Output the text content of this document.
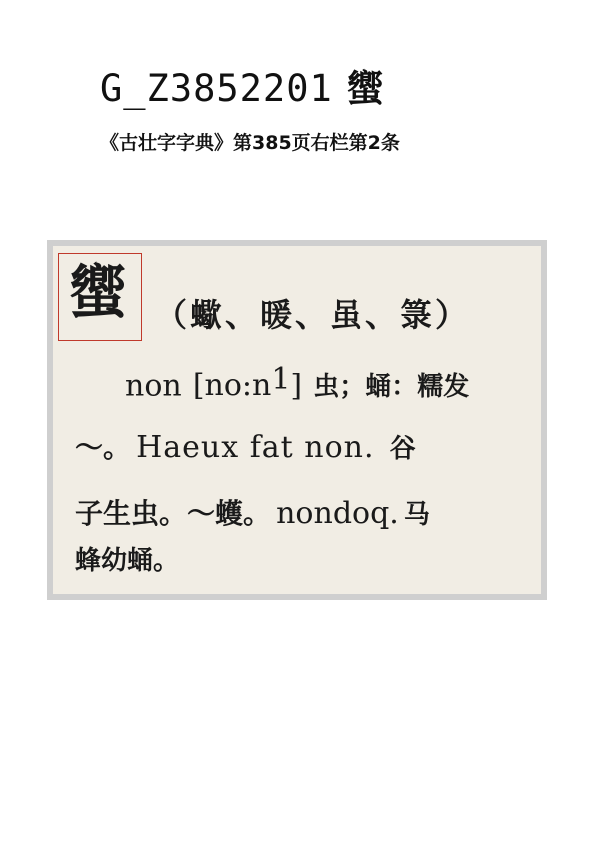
G_Z3852201 蠁
《古壮字字典》第385页右栏第2条
蠁 （蠍、暖、虽、箓）
non $[no:n^1]$ 虫；蛹：糯发
～。 Haeux fat non. 谷
子生虫。～蠖。 nondoq. 马
蜂幼蛹。
